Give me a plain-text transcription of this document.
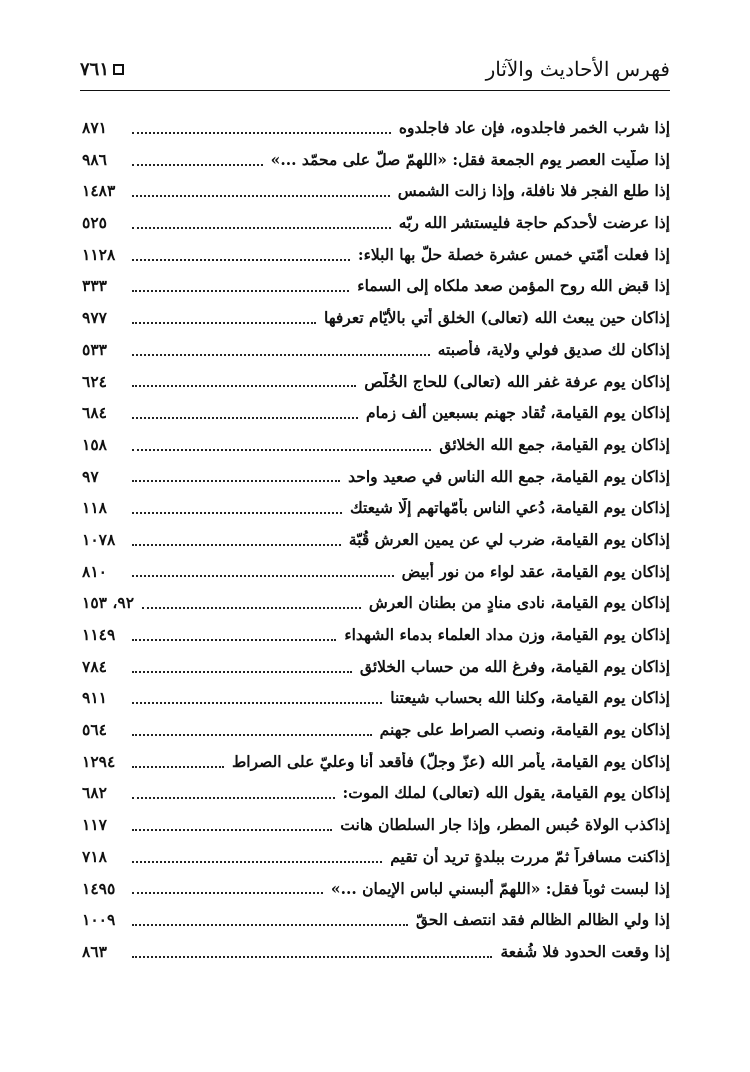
فهرس الأحاديث والآثار
٧٦١
إذا شرب الخمر فاجلدوه، فإن عاد فاجلدوه
٨٧١
إذا صلّيت العصر يوم الجمعة فقل: «اللهمّ صلّ على محمّد ...»
٩٨٦
إذا طلع الفجر فلا نافلة، وإذا زالت الشمس
١٤٨٣
إذا عرضت لأحدكم حاجة فليستشر الله ربّه
٥٢٥
إذا فعلت أُمّتي خمس عشرة خصلة حلّ بها البلاء:
١١٢٨
إذا قبض الله روح المؤمن صعد ملكاه إلى السماء
٣٣٣
إذاكان حين يبعث الله (تعالى) الخلق أُتي بالأيّام تعرفها
٩٧٧
إذاكان لك صديق فولي ولاية، فأصبته
٥٣٣
إذاكان يوم عرفة غفر الله (تعالى) للحاج الخُلّص
٦٢٤
إذاكان يوم القيامة، تُقاد جهنم بسبعين ألف زمام
٦٨٤
إذاكان يوم القيامة، جمع الله الخلائق
١٥٨
إذاكان يوم القيامة، جمع الله الناس في صعيد واحد
٩٧
إذاكان يوم القيامة، دُعي الناس بأُمّهاتهم إلّا شيعتك
١١٨
إذاكان يوم القيامة، ضرب لي عن يمين العرش قُبّة
١٠٧٨
إذاكان يوم القيامة، عقد لواء من نور أبيض
٨١٠
إذاكان يوم القيامة، نادى منادٍ من بطنان العرش
٩٢، ١٥٣
إذاكان يوم القيامة، وزن مداد العلماء بدماء الشهداء
١١٤٩
إذاكان يوم القيامة، وفرغ الله من حساب الخلائق
٧٨٤
إذاكان يوم القيامة، وكلنا الله بحساب شيعتنا
٩١١
إذاكان يوم القيامة، ونصب الصراط على جهنم
٥٦٤
إذاكان يوم القيامة، يأمر الله (عزّ وجلّ) فأقعد أنا وعليّ على الصراط
١٢٩٤
إذاكان يوم القيامة، يقول الله (تعالى) لملك الموت:
٦٨٢
إذاكذب الولاة حُبس المطر، وإذا جار السلطان هانت
١١٧
إذاكنت مسافراً ثمّ مررت ببلدةٍ تريد أن تقيم
٧١٨
إذا لبست ثوباً فقل: «اللهمّ ألبسني لباس الإيمان ...»
١٤٩٥
إذا ولي الظالم الظالم فقد انتصف الحقّ
١٠٠٩
إذا وقعت الحدود فلا شُفعة
٨٦٣
